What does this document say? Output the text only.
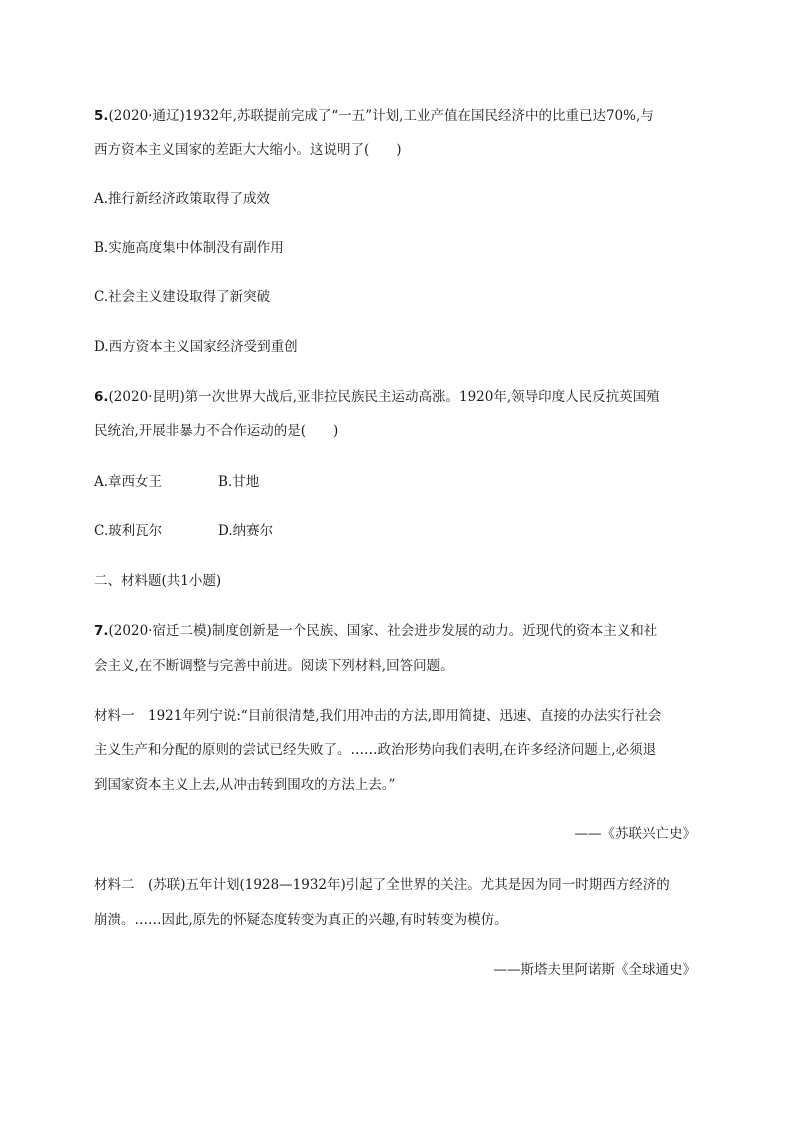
5.(2020·通辽)1932年,苏联提前完成了“一五”计划,工业产值在国民经济中的比重已达70%,与
西方资本主义国家的差距大大缩小。这说明了(　　)
A.推行新经济政策取得了成效
B.实施高度集中体制没有副作用
C.社会主义建设取得了新突破
D.西方资本主义国家经济受到重创
6.(2020·昆明)第一次世界大战后,亚非拉民族民主运动高涨。1920年,领导印度人民反抗英国殖
民统治,开展非暴力不合作运动的是(　　)
A.章西女王	B.甘地
C.玻利瓦尔	D.纳赛尔
二、材料题(共1小题)
7.(2020·宿迁二模)制度创新是一个民族、国家、社会进步发展的动力。近现代的资本主义和社
会主义,在不断调整与完善中前进。阅读下列材料,回答问题。
材料一　1921年列宁说:“目前很清楚,我们用冲击的方法,即用简捷、迅速、直接的办法实行社会
主义生产和分配的原则的尝试已经失败了。……政治形势向我们表明,在许多经济问题上,必须退
到国家资本主义上去,从冲击转到围攻的方法上去。”
——《苏联兴亡史》
材料二　(苏联)五年计划(1928—1932年)引起了全世界的关注。尤其是因为同一时期西方经济的
崩溃。……因此,原先的怀疑态度转变为真正的兴趣,有时转变为模仿。
——斯塔夫里阿诺斯《全球通史》
